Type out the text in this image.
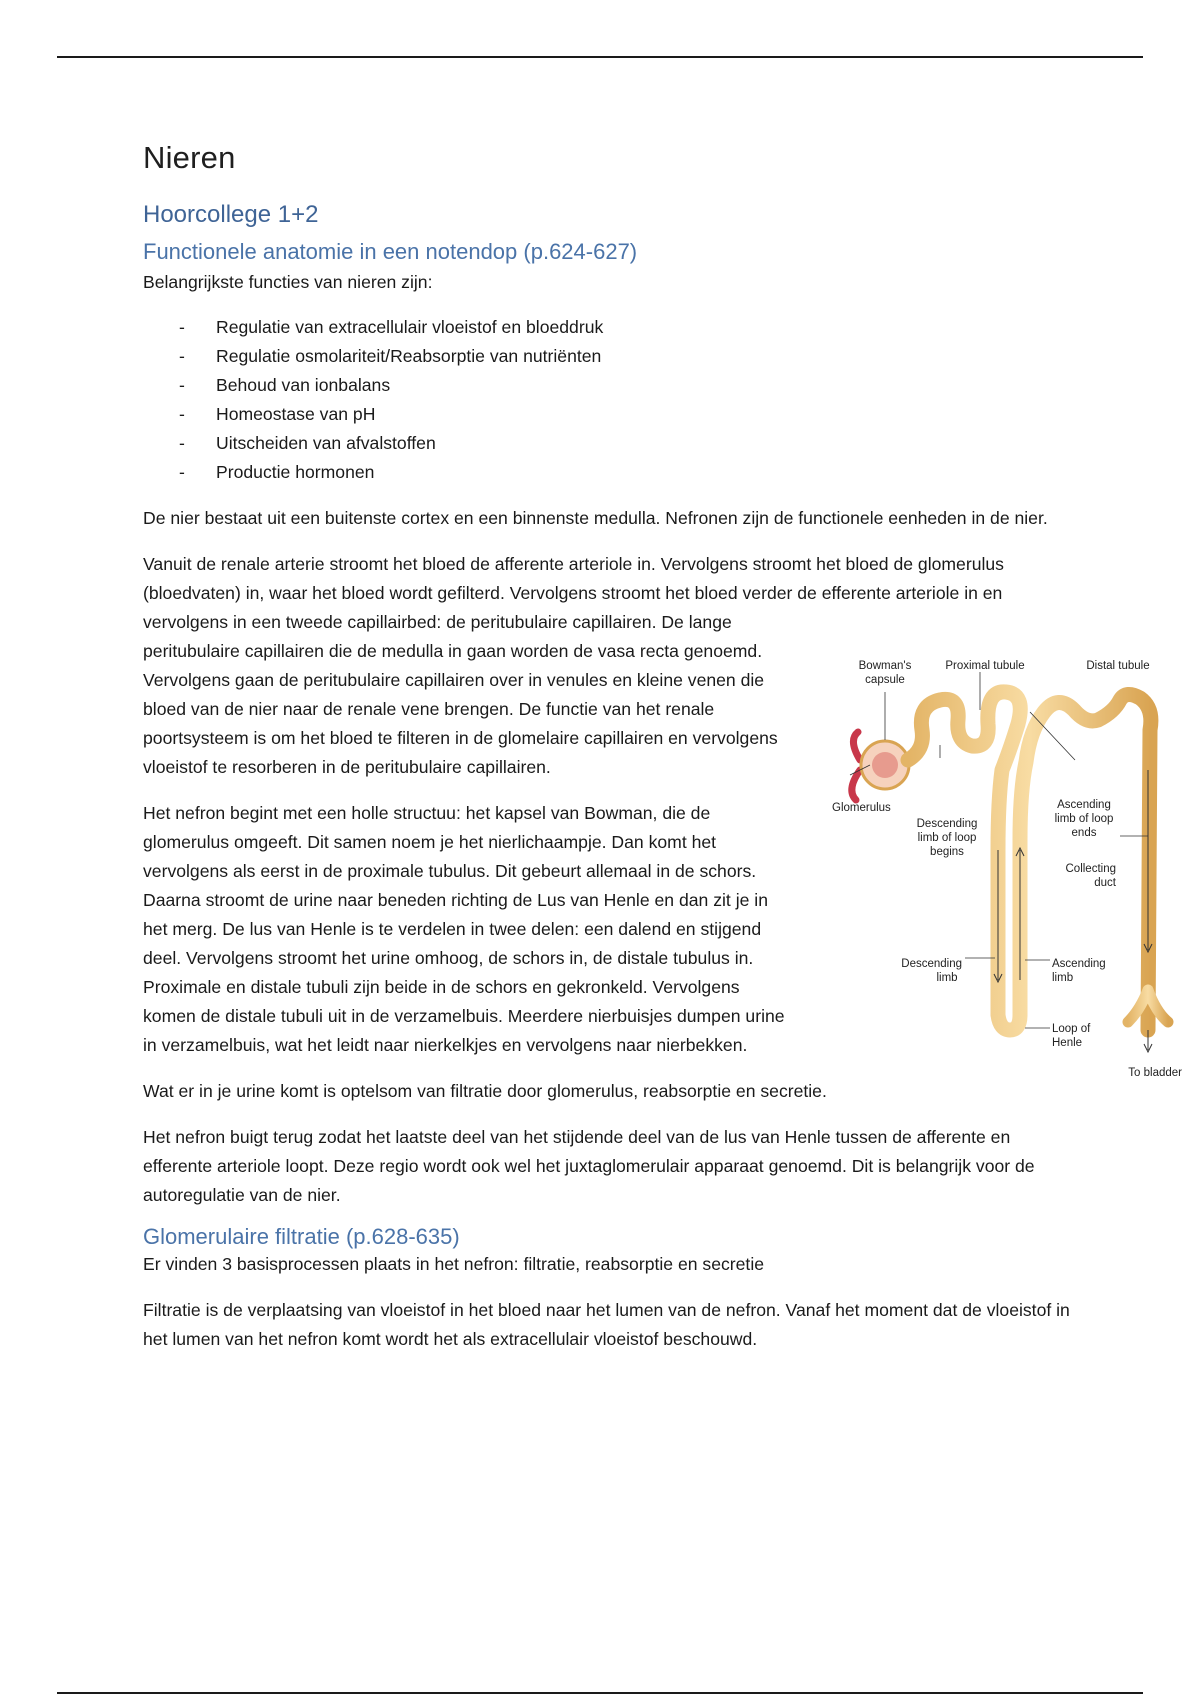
Nieren
Hoorcollege 1+2
Functionele anatomie in een notendop (p.624-627)

Belangrijkste functies van nieren zijn:

- Regulatie van extracellulair vloeistof en bloeddruk
- Regulatie osmolariteit/Reabsorptie van nutriënten
- Behoud van ionbalans
- Homeostase van pH
- Uitscheiden van afvalstoffen
- Productie hormonen

De nier bestaat uit een buitenste cortex en een binnenste medulla. Nefronen zijn de functionele eenheden in de nier.

Vanuit de renale arterie stroomt het bloed de afferente arteriole in. Vervolgens stroomt het bloed de glomerulus (bloedvaten) in, waar het bloed wordt gefilterd. Vervolgens stroomt het bloed verder de efferente arteriole in en vervolgens in een tweede capillairbed: de peritubulaire capillairen. De lange peritubulaire capillairen die de medulla in gaan worden de vasa recta genoemd. Vervolgens gaan de peritubulaire capillairen over in venules en kleine venen die bloed van de nier naar de renale vene brengen. De functie van het renale poortsysteem is om het bloed te filteren in de glomelaire capillairen en vervolgens vloeistof te resorberen in de peritubulaire capillairen.

Het nefron begint met een holle structuu: het kapsel van Bowman, die de glomerulus omgeeft. Dit samen noem je het nierlichaampje. Dan komt het vervolgens als eerst in de proximale tubulus. Dit gebeurt allemaal in de schors. Daarna stroomt de urine naar beneden richting de Lus van Henle en dan zit je in het merg. De lus van Henle is te verdelen in twee delen: een dalend en stijgend deel. Vervolgens stroomt het urine omhoog, de schors in, de distale tubulus in. Proximale en distale tubuli zijn beide in de schors en gekronkeld. Vervolgens komen de distale tubuli uit in de verzamelbuis. Meerdere nierbuisjes dumpen urine in verzamelbuis, wat het leidt naar nierkelkjes en vervolgens naar nierbekken.

Wat er in je urine komt is optelsom van filtratie door glomerulus, reabsorptie en secretie.

Het nefron buigt terug zodat het laatste deel van het stijdende deel van de lus van Henle tussen de afferente en efferente arteriole loopt. Deze regio wordt ook wel het juxtaglomerulair apparaat genoemd. Dit is belangrijk voor de autoregulatie van de nier.

Glomerulaire filtratie (p.628-635)

Er vinden 3 basisprocessen plaats in het nefron: filtratie, reabsorptie en secretie

Filtratie is de verplaatsing van vloeistof in het bloed naar het lumen van de nefron. Vanaf het moment dat de vloeistof in het lumen van het nefron komt wordt het als extracellulair vloeistof beschouwd.

Bowman's
capsule
Proximal tubule	Distal tubule
Glomerulus
Descending
limb of loop
begins
Ascending
limb of loop
ends
Collecting
duct
Descending
limb
Ascending
limb
Loop of
Henle
To bladder
